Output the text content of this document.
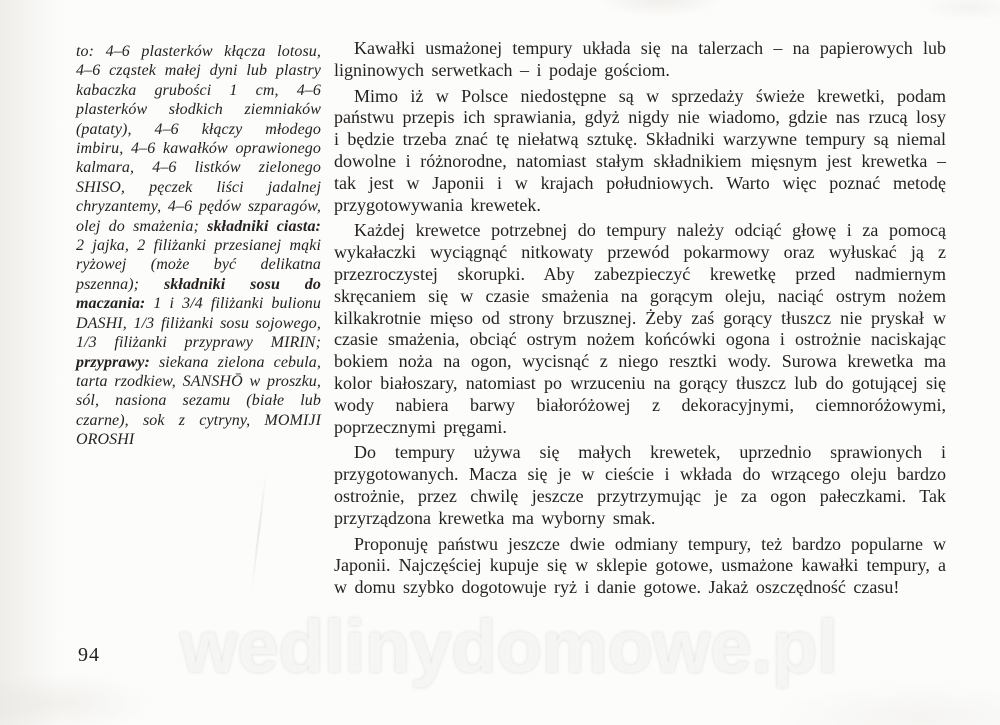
to: 4–6 plasterków kłącza lotosu, 4–6 cząstek małej dyni lub plastry kabaczka grubości 1 cm, 4–6 plasterków słodkich ziemniaków (pataty), 4–6 kłączy młodego imbiru, 4–6 kawałków oprawionego kalmara, 4–6 listków zielonego SHISO, pęczek liści jadalnej chryzantemy, 4–6 pędów szparagów, olej do smażenia; składniki ciasta: 2 jajka, 2 filiżanki przesianej mąki ryżowej (może być delikatna pszenna); składniki sosu do maczania: 1 i 3/4 filiżanki bulionu DASHI, 1/3 filiżanki sosu sojowego, 1/3 filiżanki przyprawy MIRIN; przyprawy: siekana zielona cebula, tarta rzodkiew, SANSHŌ w proszku, sól, nasiona sezamu (białe lub czarne), sok z cytryny, MOMIJI OROSHI

Kawałki usmażonej tempury układa się na talerzach – na papierowych lub ligninowych serwetkach – i podaje gościom.

Mimo iż w Polsce niedostępne są w sprzedaży świeże krewetki, podam państwu przepis ich sprawiania, gdyż nigdy nie wiadomo, gdzie nas rzucą losy i będzie trzeba znać tę niełatwą sztukę. Składniki warzywne tempury są niemal dowolne i różnorodne, natomiast stałym składnikiem mięsnym jest krewetka – tak jest w Japonii i w krajach południowych. Warto więc poznać metodę przygotowywania krewetek.

Każdej krewetce potrzebnej do tempury należy odciąć głowę i za pomocą wykałaczki wyciągnąć nitkowaty przewód pokarmowy oraz wyłuskać ją z przezroczystej skorupki. Aby zabezpieczyć krewetkę przed nadmiernym skręcaniem się w czasie smażenia na gorącym oleju, naciąć ostrym nożem kilkakrotnie mięso od strony brzusznej. Żeby zaś gorący tłuszcz nie pryskał w czasie smażenia, obciąć ostrym nożem końcówki ogona i ostrożnie naciskając bokiem noża na ogon, wycisnąć z niego resztki wody. Surowa krewetka ma kolor białoszary, natomiast po wrzuceniu na gorący tłuszcz lub do gotującej się wody nabiera barwy białoróżowej z dekoracyjnymi, ciemnoróżowymi, poprzecznymi pręgami.

Do tempury używa się małych krewetek, uprzednio sprawionych i przygotowanych. Macza się je w cieście i wkłada do wrzącego oleju bardzo ostrożnie, przez chwilę jeszcze przytrzymując je za ogon pałeczkami. Tak przyrządzona krewetka ma wyborny smak.

Proponuję państwu jeszcze dwie odmiany tempury, też bardzo popularne w Japonii. Najczęściej kupuje się w sklepie gotowe, usmażone kawałki tempury, a w domu szybko dogotowuje ryż i danie gotowe. Jakaż oszczędność czasu!

94 wedlinydomowe.pl
